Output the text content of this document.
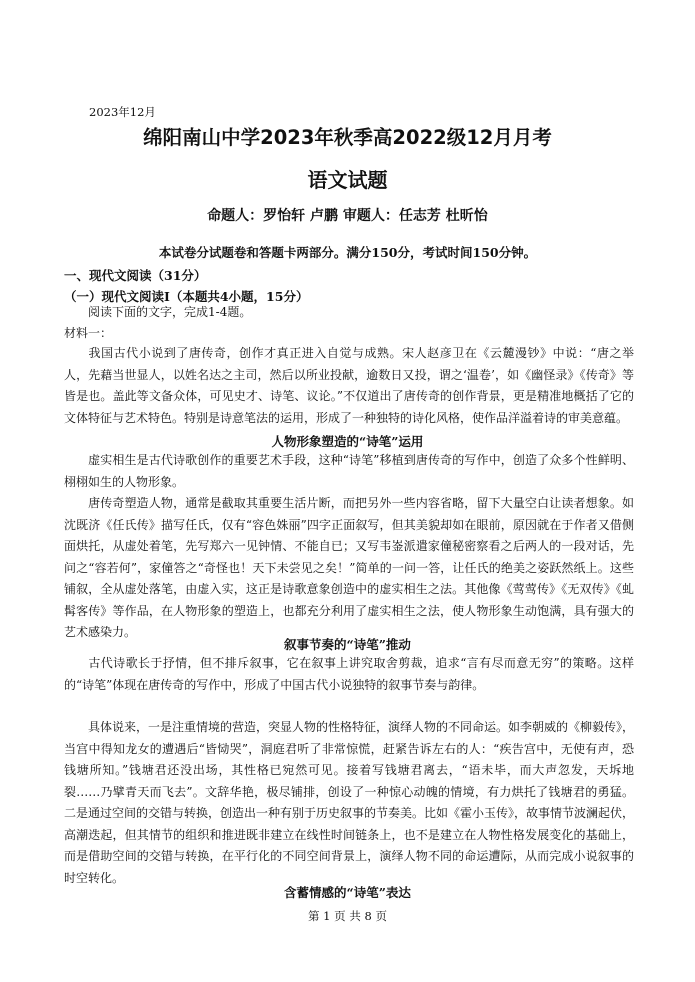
2023年12月
绵阳南山中学2023年秋季高2022级12月月考
语文试题
命题人：罗怡轩 卢鹏 审题人：任志芳 杜昕怡
本试卷分试题卷和答题卡两部分。满分150分，考试时间150分钟。
一、现代文阅读（31分）
（一）现代文阅读Ⅰ（本题共4小题，15分）
阅读下面的文字，完成1-4题。
材料一：
我国古代小说到了唐传奇，创作才真正进入自觉与成熟。宋人赵彦卫在《云麓漫钞》中说：“唐之举人，先藉当世显人，以姓名达之主司，然后以所业投献，逾数日又投，谓之‘温卷’，如《幽怪录》《传奇》等皆是也。盖此等文备众体，可见史才、诗笔、议论。”不仅道出了唐传奇的创作背景，更是精准地概括了它的文体特征与艺术特色。特别是诗意笔法的运用，形成了一种独特的诗化风格，使作品洋溢着诗的审美意蕴。
人物形象塑造的“诗笔”运用
虚实相生是古代诗歌创作的重要艺术手段，这种“诗笔”移植到唐传奇的写作中，创造了众多个性鲜明、栩栩如生的人物形象。
唐传奇塑造人物，通常是截取其重要生活片断，而把另外一些内容省略，留下大量空白让读者想象。如沈既济《任氏传》描写任氏，仅有“容色姝丽”四字正面叙写，但其美貌却如在眼前，原因就在于作者又借侧面烘托，从虚处着笔，先写郑六一见钟情、不能自已；又写韦崟派遣家僮秘密察看之后两人的一段对话，先问之“容若何”，家僮答之“奇怪也！天下未尝见之矣！”简单的一问一答，让任氏的绝美之姿跃然纸上。这些铺叙，全从虚处落笔，由虚入实，这正是诗歌意象创造中的虚实相生之法。其他像《莺莺传》《无双传》《虬髯客传》等作品，在人物形象的塑造上，也都充分利用了虚实相生之法，使人物形象生动饱满，具有强大的艺术感染力。
叙事节奏的“诗笔”推动
古代诗歌长于抒情，但不排斥叙事，它在叙事上讲究取舍剪裁，追求“言有尽而意无穷”的策略。这样的“诗笔”体现在唐传奇的写作中，形成了中国古代小说独特的叙事节奏与韵律。
具体说来，一是注重情境的营造，突显人物的性格特征，演绎人物的不同命运。如李朝威的《柳毅传》，当宫中得知龙女的遭遇后“皆恸哭”，洞庭君听了非常惊慌，赶紧告诉左右的人：“疾告宫中，无使有声，恐钱塘所知。”钱塘君还没出场，其性格已宛然可见。接着写钱塘君离去，“语未毕，而大声忽发，天坼地裂……乃擘青天而飞去”。文辞华艳，极尽铺排，创设了一种惊心动魄的情境，有力烘托了钱塘君的勇猛。二是通过空间的交错与转换，创造出一种有别于历史叙事的节奏美。比如《霍小玉传》，故事情节波澜起伏，高潮迭起，但其情节的组织和推进既非建立在线性时间链条上，也不是建立在人物性格发展变化的基础上，而是借助空间的交错与转换，在平行化的不同空间背景上，演绎人物不同的命运遭际，从而完成小说叙事的时空转化。
含蓄情感的“诗笔”表达
第 1 页 共 8 页
